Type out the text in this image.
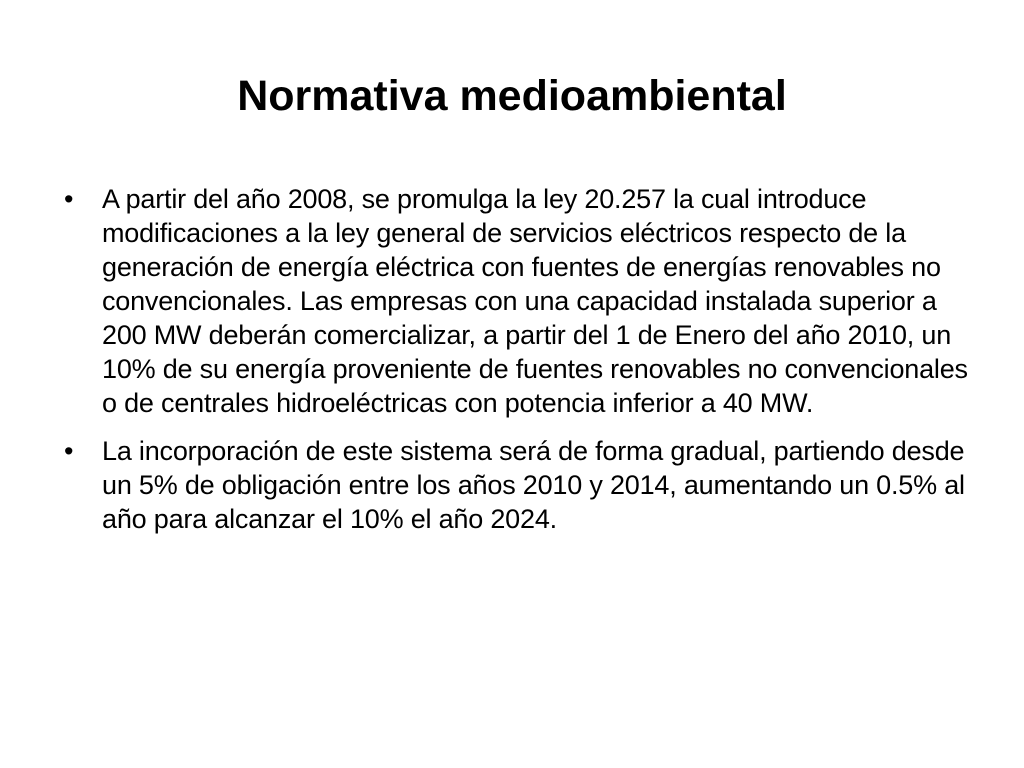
Normativa medioambiental
• A partir del año 2008, se promulga la ley 20.257 la cual introduce modificaciones a la ley general de servicios eléctricos respecto de la generación de energía eléctrica con fuentes de energías renovables no convencionales. Las empresas con una capacidad instalada superior a 200 MW deberán comercializar, a partir del 1 de Enero del año 2010, un 10% de su energía proveniente de fuentes renovables no convencionales o de centrales hidroeléctricas con potencia inferior a 40 MW.
• La incorporación de este sistema será de forma gradual, partiendo desde un 5% de obligación entre los años 2010 y 2014, aumentando un 0.5% al año para alcanzar el 10% el año 2024.
